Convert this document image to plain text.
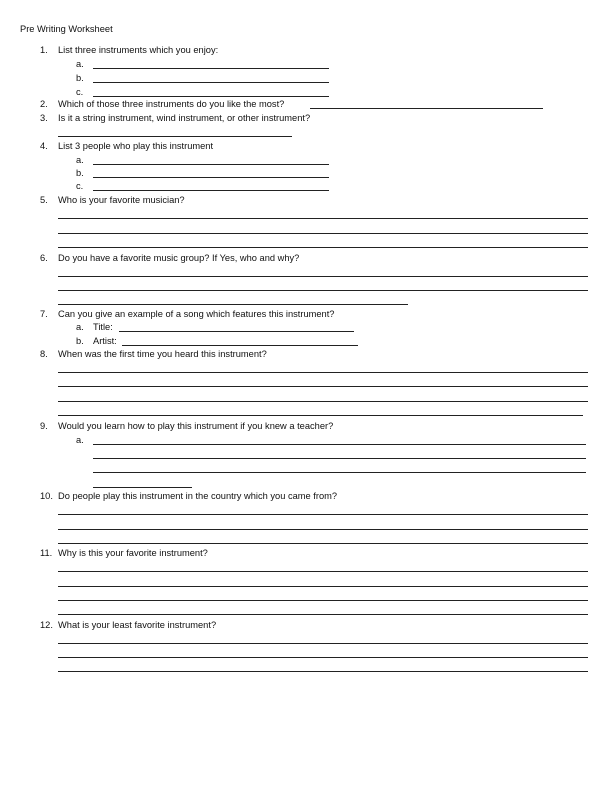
Pre Writing Worksheet
1. List three instruments which you enjoy:
a.
b.
c.
2. Which of those three instruments do you like the most?
3. Is it a string instrument, wind instrument, or other instrument?
4. List 3 people who play this instrument
a.
b.
c.
5. Who is your favorite musician?
6. Do you have a favorite music group? If Yes, who and why?
7. Can you give an example of a song which features this instrument?
a. Title:
b. Artist:
8. When was the first time you heard this instrument?
9. Would you learn how to play this instrument if you knew a teacher?
a.
10. Do people play this instrument in the country which you came from?
11. Why is this your favorite instrument?
12. What is your least favorite instrument?
